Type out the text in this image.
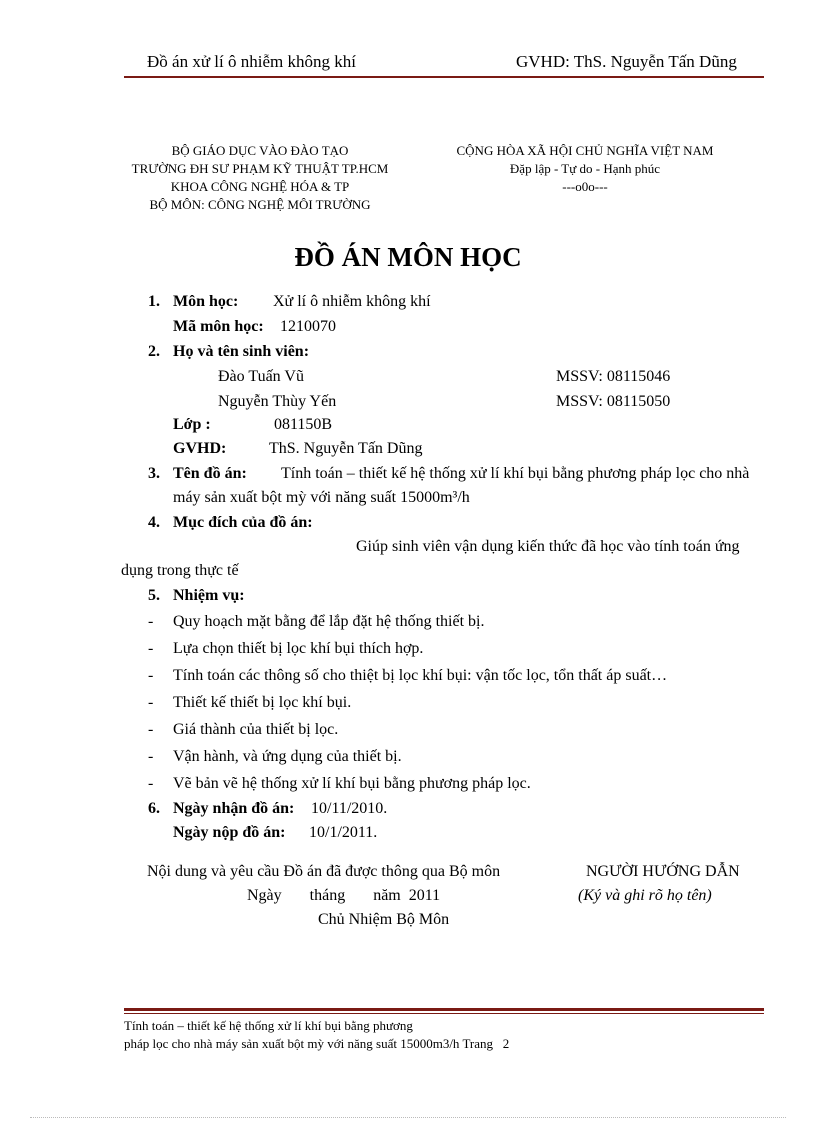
Đồ án xử lí ô nhiễm không khí	GVHD: ThS. Nguyễn Tấn Dũng
BỘ GIÁO DỤC VÀO ĐÀO TẠO
TRƯỜNG ĐH SƯ PHẠM KỸ THUẬT TP.HCM
KHOA CÔNG NGHỆ HÓA & TP
BỘ MÔN: CÔNG NGHỆ MÔI TRƯỜNG
CỘNG HÒA XÃ HỘI CHỦ NGHĨA VIỆT NAM
Đặp lập - Tự do - Hạnh phúc
---o0o---
ĐỒ ÁN MÔN HỌC
1. Môn học: Xử lí ô nhiễm không khí
Mã môn học: 1210070
2. Họ và tên sinh viên:
Đào Tuấn Vũ	MSSV: 08115046
Nguyễn Thùy Yến	MSSV: 08115050
Lớp :	081150B
GVHD:	ThS. Nguyễn Tấn Dũng
3. Tên đồ án: Tính toán – thiết kế hệ thống xử lí khí bụi bằng phương pháp lọc cho nhà
máy sản xuất bột mỳ với năng suất 15000m³/h
4. Mục đích của đồ án:
Giúp sinh viên vận dụng kiến thức đã học vào tính toán ứng
dụng trong thực tế
5. Nhiệm vụ:
- Quy hoạch mặt bằng để lắp đặt hệ thống thiết bị.
- Lựa chọn thiết bị lọc khí bụi thích hợp.
- Tính toán các thông số cho thiệt bị lọc khí bụi: vận tốc lọc, tổn thất áp suất…
- Thiết kế thiết bị lọc khí bụi.
- Giá thành của thiết bị lọc.
- Vận hành, và ứng dụng của thiết bị.
- Vẽ bản vẽ hệ thống xử lí khí bụi bằng phương pháp lọc.
6. Ngày nhận đồ án: 10/11/2010.
Ngày nộp đồ án: 10/1/2011.
Nội dung và yêu cầu Đồ án đã được thông qua Bộ môn
Ngày       tháng       năm  2011
Chủ Nhiệm Bộ Môn
NGƯỜI HƯỚNG DẪN
(Ký và ghi rõ họ tên)
Tính toán – thiết kế hệ thống xử lí khí bụi bằng phương
pháp lọc cho nhà máy sản xuất bột mỳ với năng suất 15000m3/h Trang   2
